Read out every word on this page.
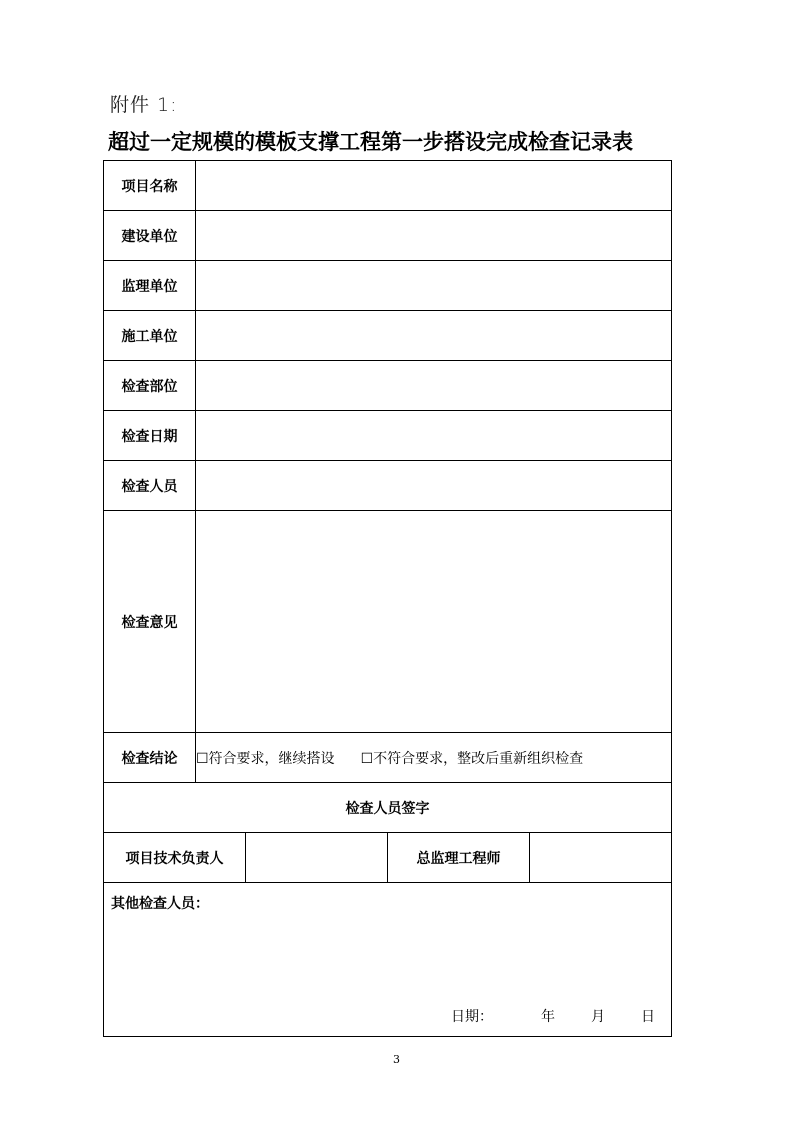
附件 1:
超过一定规模的模板支撑工程第一步搭设完成检查记录表
项目名称				
建设单位				
监理单位				
施工单位				
检查部位				
检查日期				
检查人员				
检查意见				
检查结论	☐符合要求，继续搭设 ☐不符合要求，整改后重新组织检查			
检查人员签字				
项目技术负责人			总监理工程师	

其他检查人员：
日期： 年 月 日				
3
